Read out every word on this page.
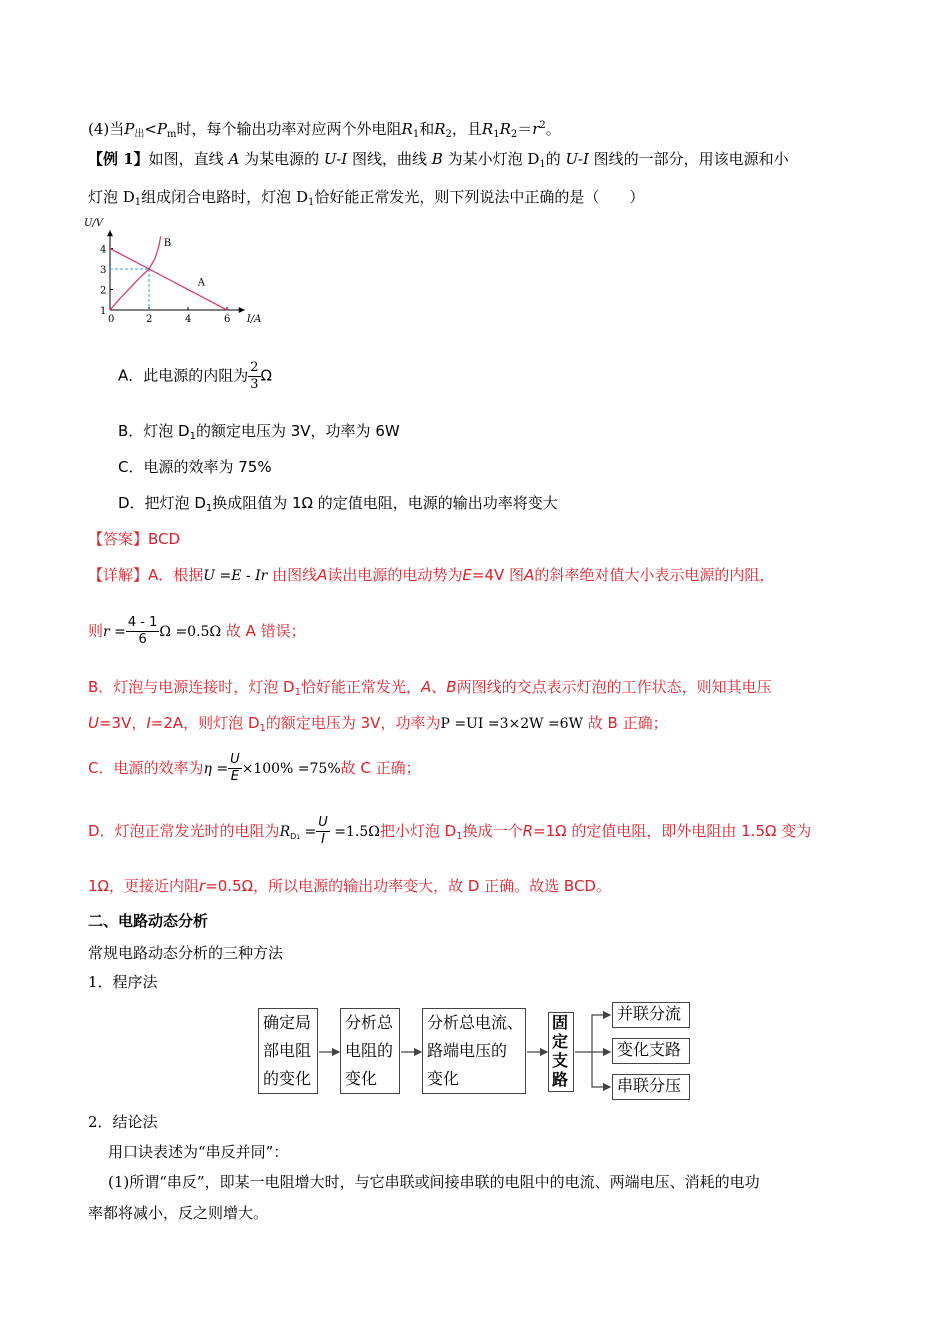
(4)当$P_出<P_m$时，每个输出功率对应两个外电阻$R_1$和$R_2$，且$R_1R_2=r^2$。
【例 1】如图，直线 A 为某电源的 U-I 图线，曲线 B 为某小灯泡 $D_1$的 U-I 图线的一部分，用该电源和小
灯泡 $D_1$组成闭合电路时，灯泡 $D_1$恰好能正常发光，则下列说法中正确的是（　　）
0	2	4	6
1
2
3
4
U/V
I/A
A
B
A．此电源的内阻为 $\frac{2}{3}$ Ω
B．灯泡 $D_1$的额定电压为 3V，功率为 6W
C．电源的效率为 75%
D．把灯泡 $D_1$换成阻值为 1Ω 的定值电阻，电源的输出功率将变大
【答案】BCD
【详解】A．根据U =E - Ir 由图线A读出电源的电动势为E=4V 图A的斜率绝对值大小表示电源的内阻，
则$r = \frac{4 - 1}{6}$ Ω =0.5Ω 故 A 错误；
B．灯泡与电源连接时，灯泡 $D_1$恰好能正常发光，A、B两图线的交点表示灯泡的工作状态，则知其电压
U=3V，I=2A，则灯泡 $D_1$的额定电压为 3V，功率为P =UI =3×2W =6W 故 B 正确；
C．电源的效率为$\eta = \frac{U}{E} \times 100\% =75\%$故 C 正确；
D．灯泡正常发光时的电阻为$R_{D1} = \frac{U}{I} =1.5\Omega$把小灯泡 $D_1$换成一个R=1Ω 的定值电阻，即外电阻由 1.5Ω 变为
1Ω，更接近内阻r=0.5Ω，所以电源的输出功率变大，故 D 正确。故选 BCD。
二、电路动态分析
常规电路动态分析的三种方法
1．程序法
确定局
部电阻
的变化
分析总
电阻的
变化
分析总电流、
路端电压的
变化
固
定
支
路
并联分流
变化支路
串联分压
2．结论法
用口诀表述为“串反并同”：
(1)所谓“串反”，即某一电阻增大时，与它串联或间接串联的电阻中的电流、两端电压、消耗的电功
率都将减小，反之则增大。
